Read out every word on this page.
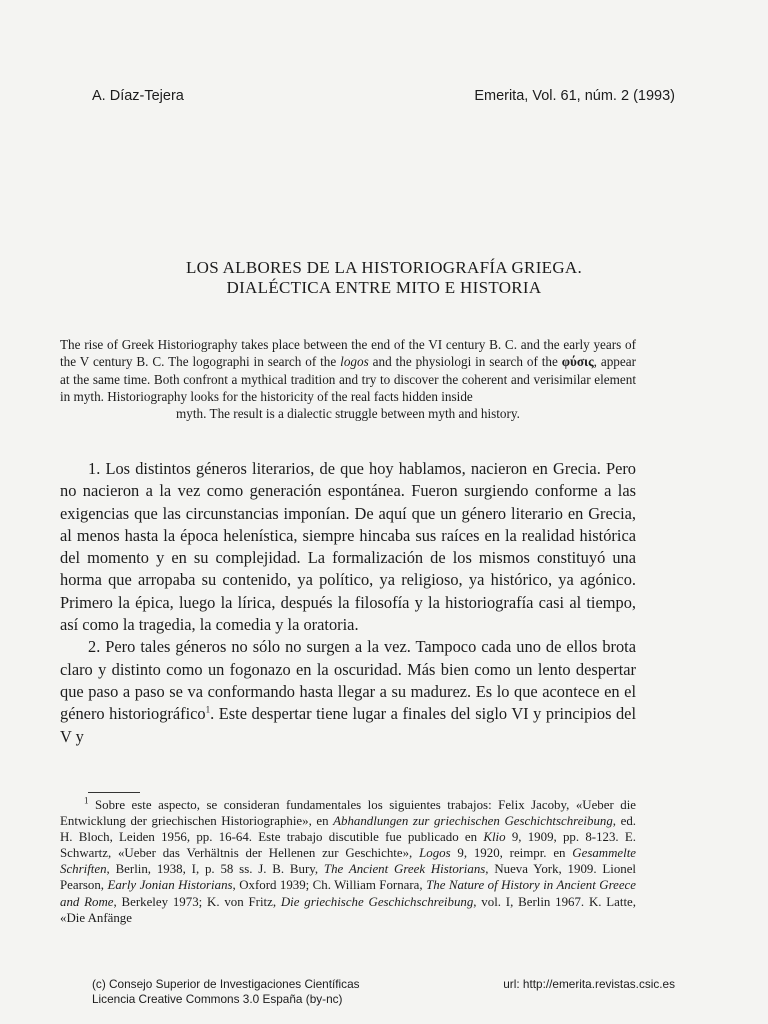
A. Díaz-Tejera	Emerita, Vol. 61, núm. 2 (1993)
LOS ALBORES DE LA HISTORIOGRAFÍA GRIEGA.
DIALÉCTICA ENTRE MITO E HISTORIA
The rise of Greek Historiography takes place between the end of the VI century B. C. and the early years of the V century B. C. The logographi in search of the logos and the physiologi in search of the φύσις, appear at the same time. Both confront a mythical tradition and try to discover the coherent and verisimilar element in myth. Historiography looks for the historicity of the real facts hidden inside
myth. The result is a dialectic struggle between myth and history.

1. Los distintos géneros literarios, de que hoy hablamos, nacieron en Grecia. Pero no nacieron a la vez como generación espontánea. Fueron surgiendo conforme a las exigencias que las circunstancias imponían. De aquí que un género literario en Grecia, al menos hasta la época helenística, siempre hincaba sus raíces en la realidad histórica del momento y en su complejidad. La formalización de los mismos constituyó una horma que arropaba su contenido, ya político, ya religioso, ya histórico, ya agónico. Primero la épica, luego la lírica, después la filosofía y la historiografía casi al tiempo, así como la tragedia, la comedia y la oratoria.

2. Pero tales géneros no sólo no surgen a la vez. Tampoco cada uno de ellos brota claro y distinto como un fogonazo en la oscuridad. Más bien como un lento despertar que paso a paso se va conformando hasta llegar a su madurez. Es lo que acontece en el género historiográfico$^1$. Este despertar tiene lugar a finales del siglo VI y principios del V y

$^1$ Sobre este aspecto, se consideran fundamentales los siguientes trabajos: Felix Jacoby, «Ueber die Entwicklung der griechischen Historiographie», en Abhandlungen zur griechischen Geschichtschreibung, ed. H. Bloch, Leiden 1956, pp. 16-64. Este trabajo discutible fue publicado en Klio 9, 1909, pp. 8-123. E. Schwartz, «Ueber das Verhältnis der Hellenen zur Geschichte», Logos 9, 1920, reimpr. en Gesammelte Schriften, Berlin, 1938, I, p. 58 ss. J. B. Bury, The Ancient Greek Historians, Nueva York, 1909. Lionel Pearson, Early Jonian Historians, Oxford 1939; Ch. William Fornara, The Nature of History in Ancient Greece and Rome, Berkeley 1973; K. von Fritz, Die griechische Geschichschreibung, vol. I, Berlin 1967. K. Latte, «Die Anfänge
(c) Consejo Superior de Investigaciones Científicas
Licencia Creative Commons 3.0 España (by-nc)
url: http://emerita.revistas.csic.es
